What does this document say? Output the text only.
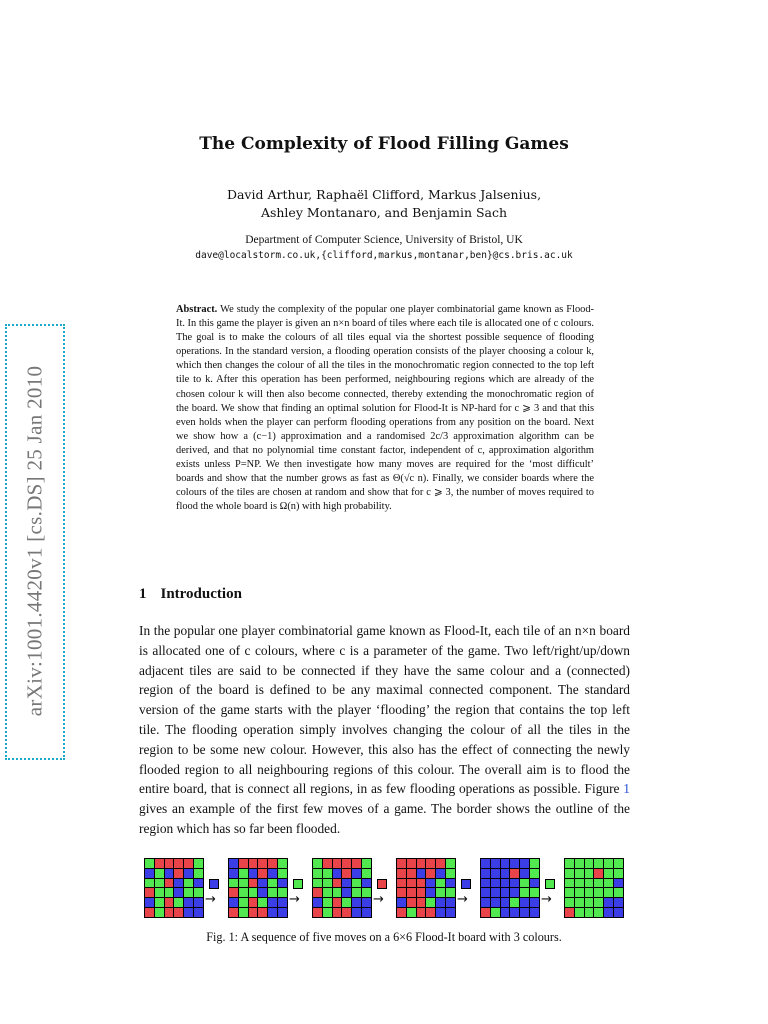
arXiv:1001.4420v1 [cs.DS] 25 Jan 2010
The Complexity of Flood Filling Games
David Arthur, Raphaël Clifford, Markus Jalsenius,
Ashley Montanaro, and Benjamin Sach
Department of Computer Science, University of Bristol, UK
dave@localstorm.co.uk,{clifford,markus,montanar,ben}@cs.bris.ac.uk
Abstract. We study the complexity of the popular one player combinatorial game known as Flood-It. In this game the player is given an n×n board of tiles where each tile is allocated one of c colours. The goal is to make the colours of all tiles equal via the shortest possible sequence of flooding operations. In the standard version, a flooding operation consists of the player choosing a colour k, which then changes the colour of all the tiles in the monochromatic region connected to the top left tile to k. After this operation has been performed, neighbouring regions which are already of the chosen colour k will then also become connected, thereby extending the monochromatic region of the board. We show that finding an optimal solution for Flood-It is NP-hard for c ⩾ 3 and that this even holds when the player can perform flooding operations from any position on the board. Next we show how a (c−1) approximation and a randomised 2c/3 approximation algorithm can be derived, and that no polynomial time constant factor, independent of c, approximation algorithm exists unless P=NP. We then investigate how many moves are required for the ‘most difficult’ boards and show that the number grows as fast as Θ(√c n). Finally, we consider boards where the colours of the tiles are chosen at random and show that for c ⩾ 3, the number of moves required to flood the whole board is Ω(n) with high probability.
1 Introduction
In the popular one player combinatorial game known as Flood-It, each tile of an n×n board is allocated one of c colours, where c is a parameter of the game. Two left/right/up/down adjacent tiles are said to be connected if they have the same colour and a (connected) region of the board is defined to be any maximal connected component. The standard version of the game starts with the player ‘flooding’ the region that contains the top left tile. The flooding operation simply involves changing the colour of all the tiles in the region to be some new colour. However, this also has the effect of connecting the newly flooded region to all neighbouring regions of this colour. The overall aim is to flood the entire board, that is connect all regions, in as few flooding operations as possible. Figure 1 gives an example of the first few moves of a game. The border shows the outline of the region which has so far been flooded.
→	→	→	→	→
Fig. 1: A sequence of five moves on a 6×6 Flood-It board with 3 colours.
